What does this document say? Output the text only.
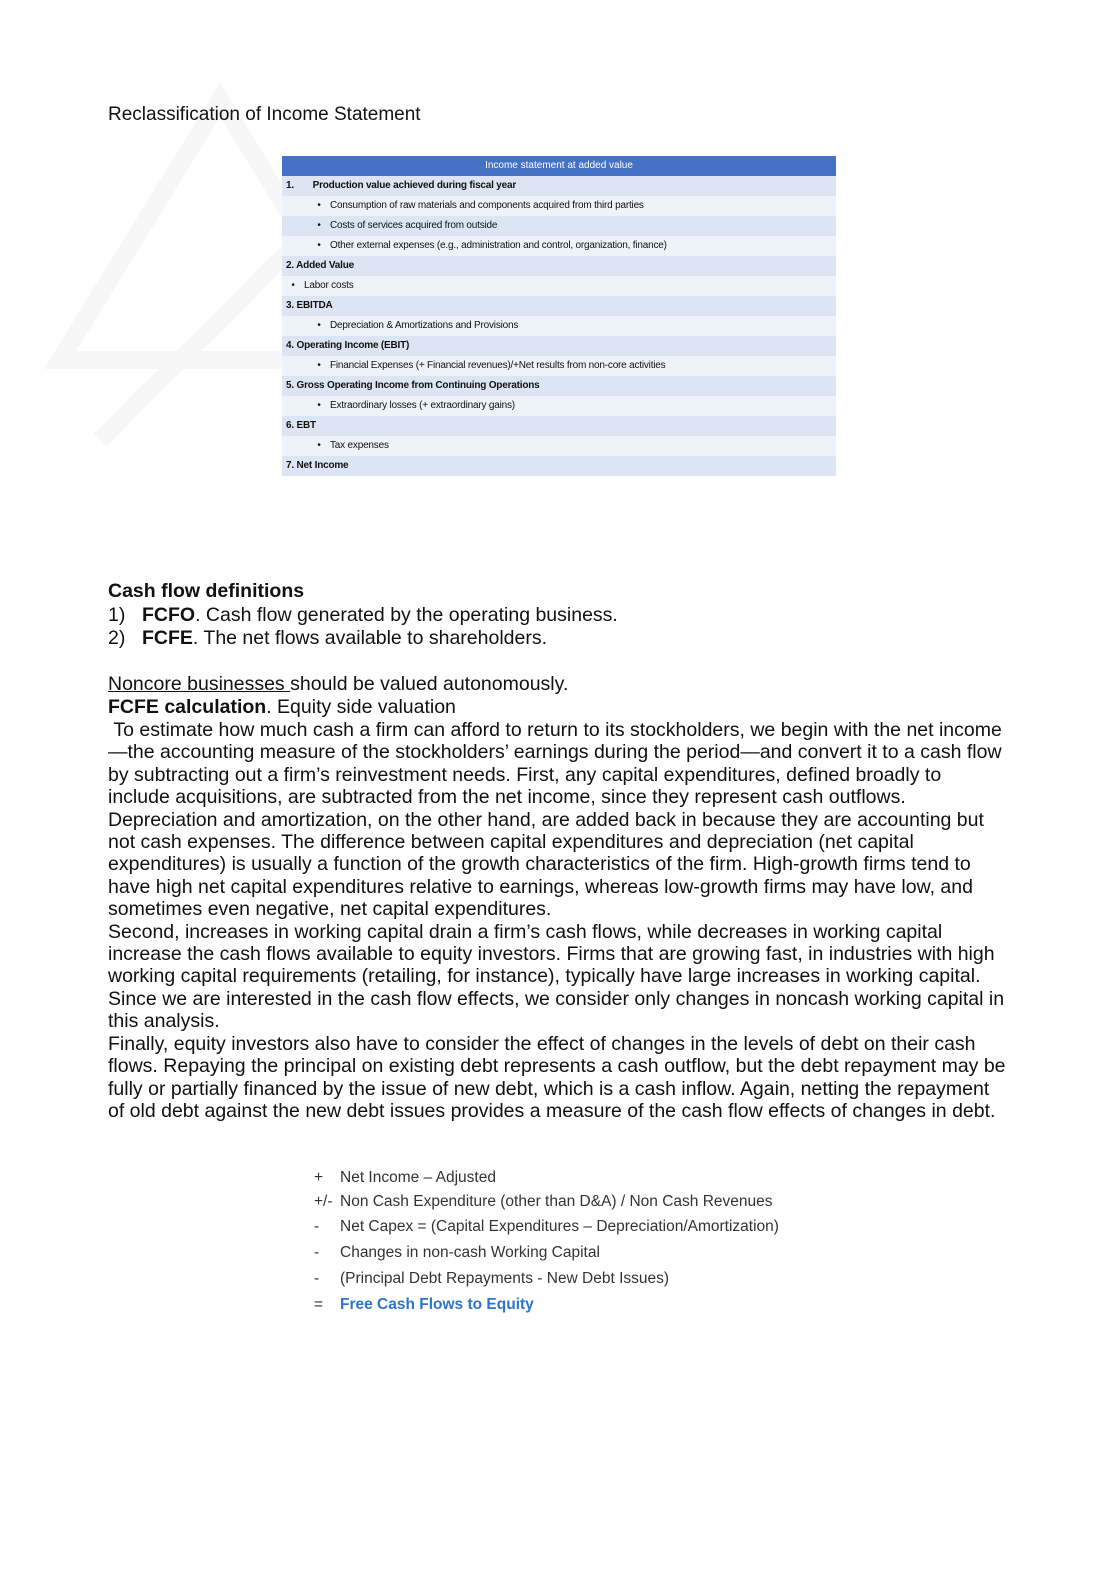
Reclassification of Income Statement
Income statement at added value
1. Production value achieved during fiscal year
• Consumption of raw materials and components acquired from third parties
• Costs of services acquired from outside
• Other external expenses (e.g., administration and control, organization, finance)
2. Added Value
• Labor costs
3. EBITDA
• Depreciation & Amortizations and Provisions
4. Operating Income (EBIT)
• Financial Expenses (+ Financial revenues)/+Net results from non-core activities
5. Gross Operating Income from Continuing Operations
• Extraordinary losses (+ extraordinary gains)
6. EBT
• Tax expenses
7. Net Income
Cash flow definitions
1) FCFO. Cash flow generated by the operating business.
2) FCFE. The net flows available to shareholders.
Noncore businesses should be valued autonomously.
FCFE calculation. Equity side valuation

To estimate how much cash a firm can afford to return to its stockholders, we begin with the net income—the accounting measure of the stockholders’ earnings during the period—and convert it to a cash flow by subtracting out a firm’s reinvestment needs. First, any capital expenditures, defined broadly to include acquisitions, are subtracted from the net income, since they represent cash outflows. Depreciation and amortization, on the other hand, are added back in because they are accounting but not cash expenses. The difference between capital expenditures and depreciation (net capital expenditures) is usually a function of the growth characteristics of the firm. High-growth firms tend to have high net capital expenditures relative to earnings, whereas low-growth firms may have low, and sometimes even negative, net capital expenditures.

Second, increases in working capital drain a firm’s cash flows, while decreases in working capital increase the cash flows available to equity investors. Firms that are growing fast, in industries with high working capital requirements (retailing, for instance), typically have large increases in working capital. Since we are interested in the cash flow effects, we consider only changes in noncash working capital in this analysis.

Finally, equity investors also have to consider the effect of changes in the levels of debt on their cash flows. Repaying the principal on existing debt represents a cash outflow, but the debt repayment may be fully or partially financed by the issue of new debt, which is a cash inflow. Again, netting the repayment of old debt against the new debt issues provides a measure of the cash flow effects of changes in debt.

+	Net Income – Adjusted
+/- Non Cash Expenditure (other than D&A) / Non Cash Revenues
-	Net Capex = (Capital Expenditures – Depreciation/Amortization)
-	Changes in non-cash Working Capital
-	(Principal Debt Repayments - New Debt Issues)
=	Free Cash Flows to Equity
